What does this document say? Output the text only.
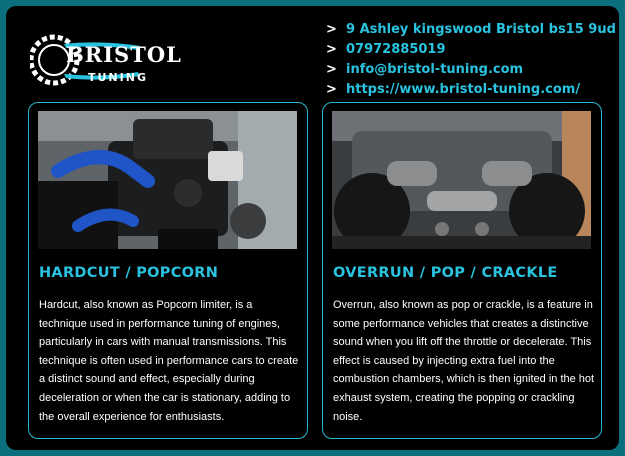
BRISTOL
TUNING
> 9 Ashley kingswood Bristol bs15 9ud
> 07972885019
> info@bristol-tuning.com
> https://www.bristol-tuning.com/
HARDCUT / POPCORN
Hardcut, also known as Popcorn limiter, is a technique used in performance tuning of engines, particularly in cars with manual transmissions. This technique is often used in performance cars to create a distinct sound and effect, especially during deceleration or when the car is stationary, adding to the overall experience for enthusiasts.
OVERRUN / POP / CRACKLE
Overrun, also known as pop or crackle, is a feature in some performance vehicles that creates a distinctive sound when you lift off the throttle or decelerate. This effect is caused by injecting extra fuel into the combustion chambers, which is then ignited in the hot exhaust system, creating the popping or crackling noise.
